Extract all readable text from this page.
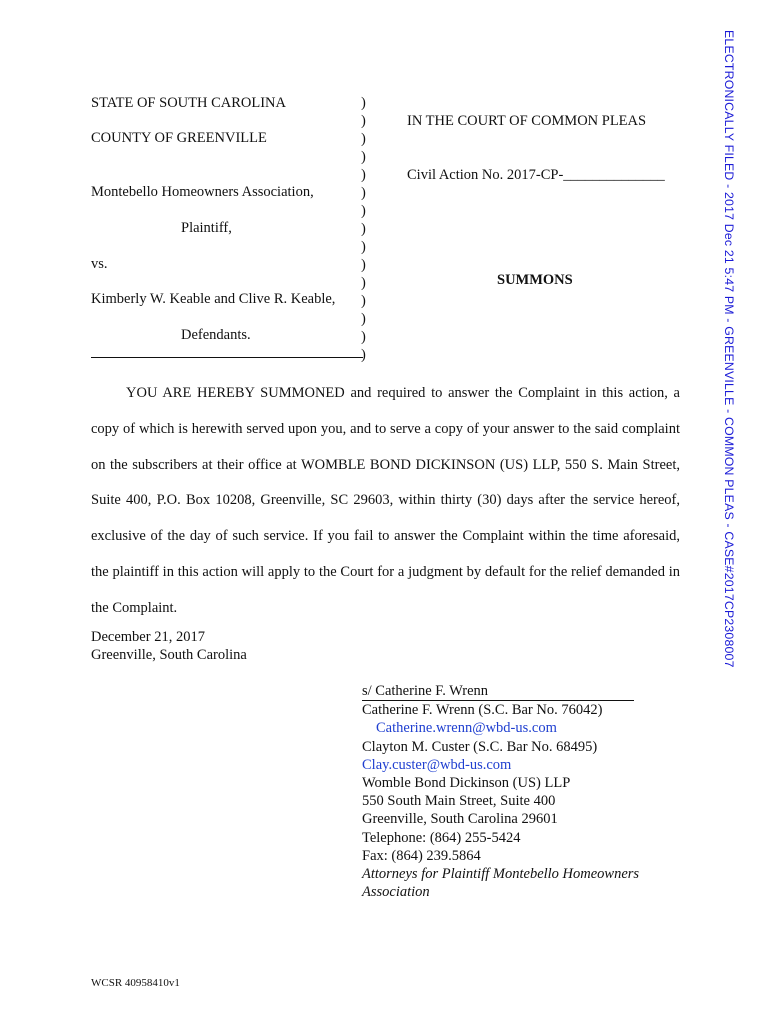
ELECTRONICALLY FILED - 2017 Dec 21 5:47 PM - GREENVILLE - COMMON PLEAS - CASE#2017CP2308007
STATE OF SOUTH CAROLINA
COUNTY OF GREENVILLE
Montebello Homeowners Association,
Plaintiff,
vs.
Kimberly W. Keable and Clive R. Keable,
Defendants.
)
)
)
)
)
)
)
)
)
)
)
)
)
)
)
IN THE COURT OF COMMON PLEAS
Civil Action No. 2017-CP-______________
SUMMONS

YOU ARE HEREBY SUMMONED and required to answer the Complaint in this action, a copy of which is herewith served upon you, and to serve a copy of your answer to the said complaint on the subscribers at their office at WOMBLE BOND DICKINSON (US) LLP, 550 S. Main Street, Suite 400, P.O. Box 10208, Greenville, SC 29603, within thirty (30) days after the service hereof, exclusive of the day of such service. If you fail to answer the Complaint within the time aforesaid, the plaintiff in this action will apply to the Court for a judgment by default for the relief demanded in the Complaint.

December 21, 2017
Greenville, South Carolina
s/ Catherine F. Wrenn
Catherine F. Wrenn (S.C. Bar No. 76042)
Catherine.wrenn@wbd-us.com
Clayton M. Custer (S.C. Bar No. 68495)
Clay.custer@wbd-us.com
Womble Bond Dickinson (US) LLP
550 South Main Street, Suite 400
Greenville, South Carolina 29601
Telephone: (864) 255-5424
Fax: (864) 239.5864
Attorneys for Plaintiff Montebello Homeowners
Association
WCSR 40958410v1
